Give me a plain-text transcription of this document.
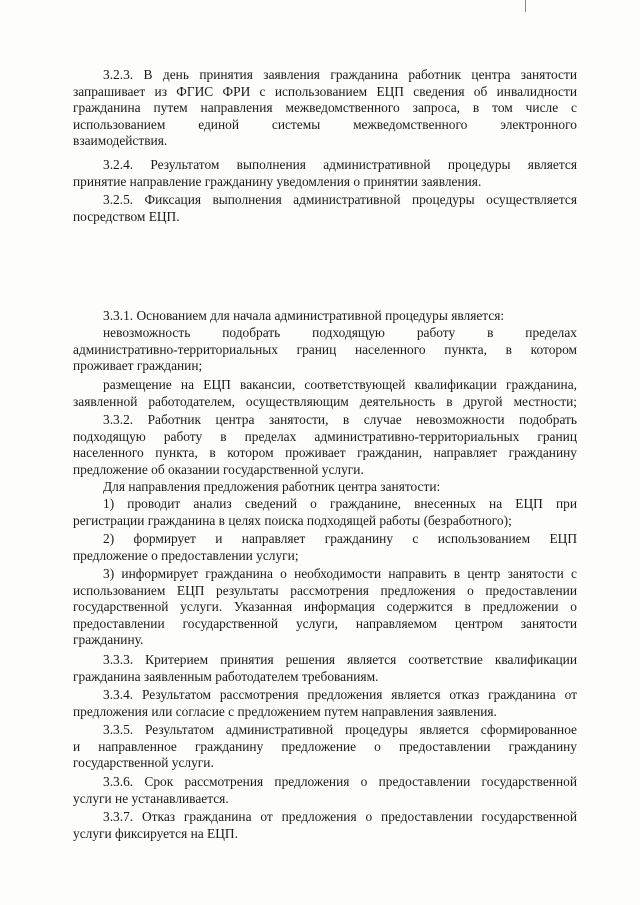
3.2.3. В день принятия заявления гражданина работник центра занятости
запрашивает из ФГИС ФРИ с использованием ЕЦП сведения об инвалидности
гражданина путем направления межведомственного запроса, в том числе с
использованием единой системы межведомственного электронного
взаимодействия.
3.2.4. Результатом выполнения административной процедуры является
принятие направление гражданину уведомления о принятии заявления.
3.2.5. Фиксация выполнения административной процедуры осуществляется
посредством ЕЦП.
3.3.1. Основанием для начала административной процедуры является:
невозможность подобрать подходящую работу в пределах
административно-территориальных границ населенного пункта, в котором
проживает гражданин;
размещение на ЕЦП вакансии, соответствующей квалификации гражданина,
заявленной работодателем, осуществляющим деятельность в другой местности;
3.3.2. Работник центра занятости, в случае невозможности подобрать
подходящую работу в пределах административно-территориальных границ
населенного пункта, в котором проживает гражданин, направляет гражданину
предложение об оказании государственной услуги.
Для направления предложения работник центра занятости:
1) проводит анализ сведений о гражданине, внесенных на ЕЦП при
регистрации гражданина в целях поиска подходящей работы (безработного);
2) формирует и направляет гражданину с использованием ЕЦП
предложение о предоставлении услуги;
3) информирует гражданина о необходимости направить в центр занятости с
использованием ЕЦП результаты рассмотрения предложения о предоставлении
государственной услуги. Указанная информация содержится в предложении о
предоставлении государственной услуги, направляемом центром занятости
гражданину.
3.3.3. Критерием принятия решения является соответствие квалификации
гражданина заявленным работодателем требованиям.
3.3.4. Результатом рассмотрения предложения является отказ гражданина от
предложения или согласие с предложением путем направления заявления.
3.3.5. Результатом административной процедуры является сформированное
и направленное гражданину предложение о предоставлении гражданину
государственной услуги.
3.3.6. Срок рассмотрения предложения о предоставлении государственной
услуги не устанавливается.
3.3.7. Отказ гражданина от предложения о предоставлении государственной
услуги фиксируется на ЕЦП.
